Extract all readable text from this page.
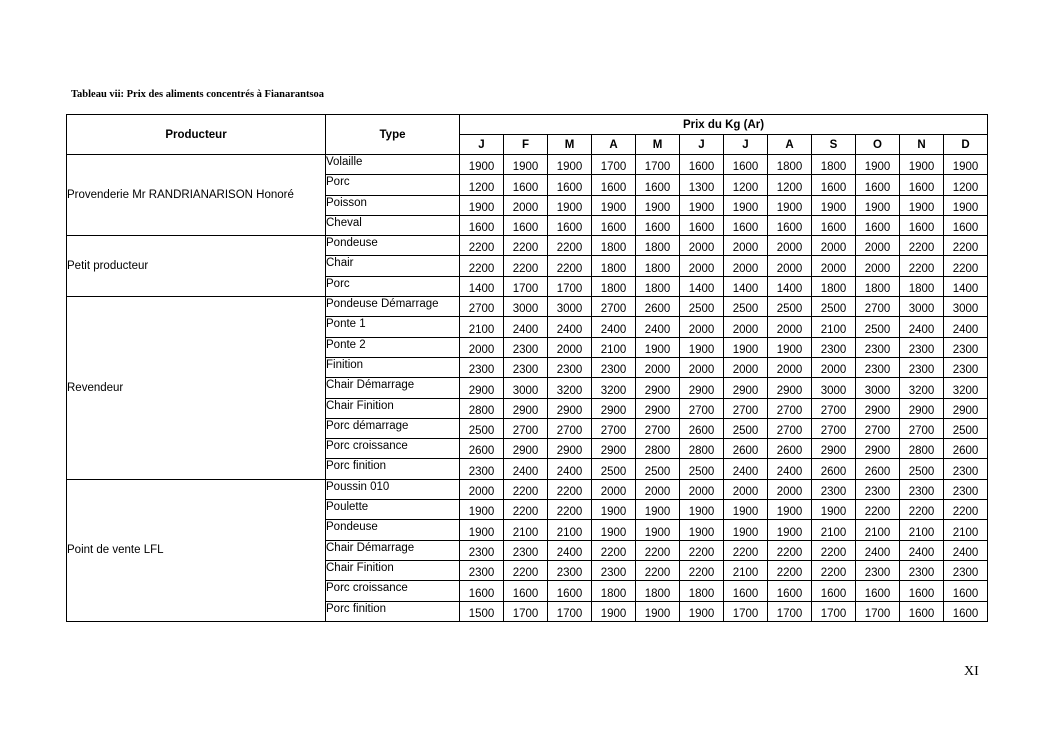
Tableau vii: Prix des aliments concentrés à Fianarantsoa
Producteur	Type	Prix du Kg (Ar)											
		J	F	M	A	M	J	J	A	S	O	N	D
Provenderie Mr RANDRIANARISON Honoré	Volaille	1900	1900	1900	1700	1700	1600	1600	1800	1800	1900	1900	1900
	Porc	1200	1600	1600	1600	1600	1300	1200	1200	1600	1600	1600	1200
	Poisson	1900	2000	1900	1900	1900	1900	1900	1900	1900	1900	1900	1900
	Cheval	1600	1600	1600	1600	1600	1600	1600	1600	1600	1600	1600	1600
Petit producteur	Pondeuse	2200	2200	2200	1800	1800	2000	2000	2000	2000	2000	2200	2200
	Chair	2200	2200	2200	1800	1800	2000	2000	2000	2000	2000	2200	2200
	Porc	1400	1700	1700	1800	1800	1400	1400	1400	1800	1800	1800	1400
Revendeur	Pondeuse Démarrage	2700	3000	3000	2700	2600	2500	2500	2500	2500	2700	3000	3000
	Ponte 1	2100	2400	2400	2400	2400	2000	2000	2000	2100	2500	2400	2400
	Ponte 2	2000	2300	2000	2100	1900	1900	1900	1900	2300	2300	2300	2300
	Finition	2300	2300	2300	2300	2000	2000	2000	2000	2000	2300	2300	2300
	Chair Démarrage	2900	3000	3200	3200	2900	2900	2900	2900	3000	3000	3200	3200
	Chair Finition	2800	2900	2900	2900	2900	2700	2700	2700	2700	2900	2900	2900
	Porc démarrage	2500	2700	2700	2700	2700	2600	2500	2700	2700	2700	2700	2500
	Porc croissance	2600	2900	2900	2900	2800	2800	2600	2600	2900	2900	2800	2600
	Porc finition	2300	2400	2400	2500	2500	2500	2400	2400	2600	2600	2500	2300
Point de vente LFL	Poussin 010	2000	2200	2200	2000	2000	2000	2000	2000	2300	2300	2300	2300
	Poulette	1900	2200	2200	1900	1900	1900	1900	1900	1900	2200	2200	2200
	Pondeuse	1900	2100	2100	1900	1900	1900	1900	1900	2100	2100	2100	2100
	Chair Démarrage	2300	2300	2400	2200	2200	2200	2200	2200	2200	2400	2400	2400
	Chair Finition	2300	2200	2300	2300	2200	2200	2100	2200	2200	2300	2300	2300
	Porc croissance	1600	1600	1600	1800	1800	1800	1600	1600	1600	1600	1600	1600
	Porc finition	1500	1700	1700	1900	1900	1900	1700	1700	1700	1700	1600	1600
XI
